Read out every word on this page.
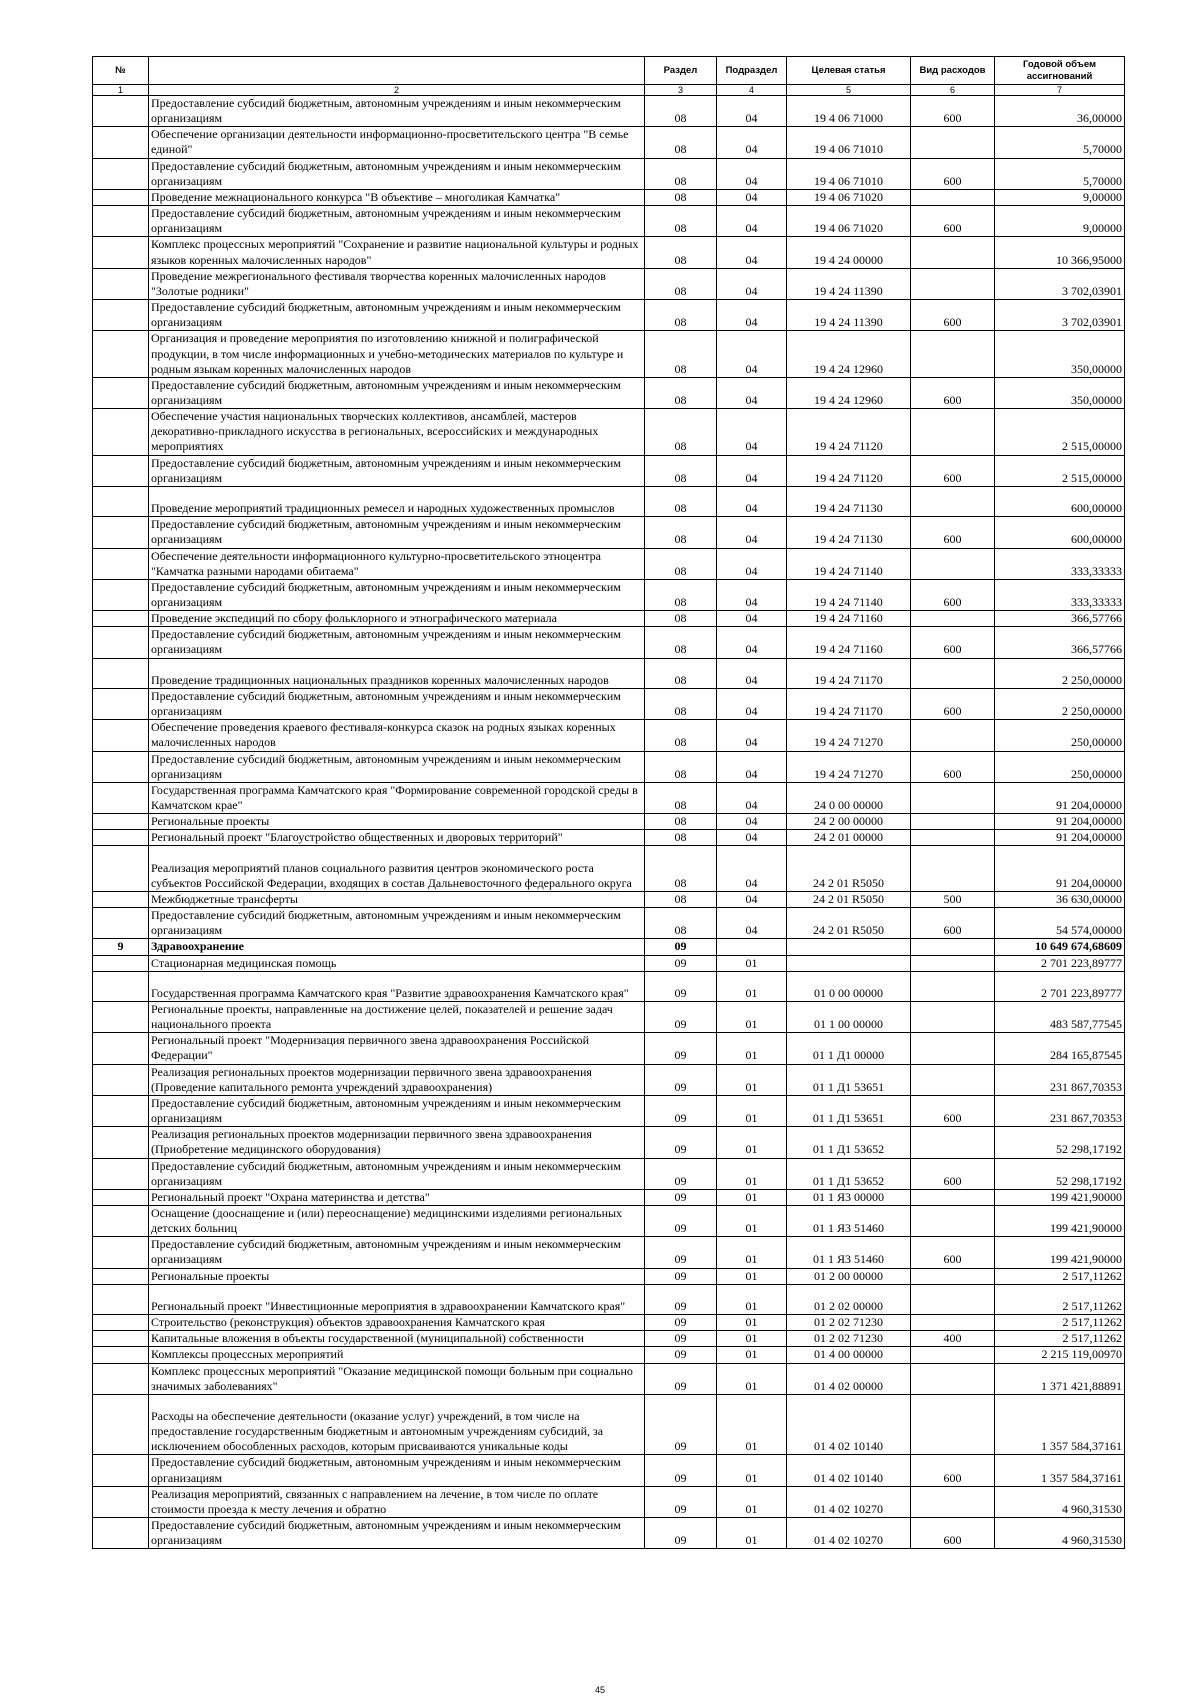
№		Раздел	Подраздел	Целевая статья	Вид расходов	Годовой объем ассигнований
1	2	3	4	5	6	7
	Предоставление субсидий бюджетным, автономным учреждениям и иным некоммерческим организациям	08	04	19 4 06 71000	600	36,00000
	Обеспечение организации деятельности информационно-просветительского центра "В семье единой"	08	04	19 4 06 71010		5,70000
	Предоставление субсидий бюджетным, автономным учреждениям и иным некоммерческим организациям	08	04	19 4 06 71010	600	5,70000
	Проведение межнационального конкурса "В объективе – многоликая Камчатка"	08	04	19 4 06 71020		9,00000
	Предоставление субсидий бюджетным, автономным учреждениям и иным некоммерческим организациям	08	04	19 4 06 71020	600	9,00000
	Комплекс процессных мероприятий "Сохранение и развитие национальной культуры и родных языков коренных малочисленных народов"	08	04	19 4 24 00000		10 366,95000
	Проведение межрегионального фестиваля творчества коренных малочисленных народов "Золотые родники"	08	04	19 4 24 11390		3 702,03901
	Предоставление субсидий бюджетным, автономным учреждениям и иным некоммерческим организациям	08	04	19 4 24 11390	600	3 702,03901
	Организация и проведение мероприятия по изготовлению книжной и полиграфической продукции, в том числе информационных и учебно-методических материалов по культуре и родным языкам коренных малочисленных народов	08	04	19 4 24 12960		350,00000
	Предоставление субсидий бюджетным, автономным учреждениям и иным некоммерческим организациям	08	04	19 4 24 12960	600	350,00000
	Обеспечение участия национальных творческих коллективов, ансамблей, мастеров декоративно-прикладного искусства в региональных, всероссийских и международных мероприятиях	08	04	19 4 24 71120		2 515,00000
	Предоставление субсидий бюджетным, автономным учреждениям и иным некоммерческим организациям	08	04	19 4 24 71120	600	2 515,00000
	Проведение мероприятий традиционных ремесел и народных художественных промыслов	08	04	19 4 24 71130		600,00000
	Предоставление субсидий бюджетным, автономным учреждениям и иным некоммерческим организациям	08	04	19 4 24 71130	600	600,00000
	Обеспечение деятельности информационного культурно-просветительского этноцентра "Камчатка разными народами обитаема"	08	04	19 4 24 71140		333,33333
	Предоставление субсидий бюджетным, автономным учреждениям и иным некоммерческим организациям	08	04	19 4 24 71140	600	333,33333
	Проведение экспедиций по сбору фольклорного и этнографического материала	08	04	19 4 24 71160		366,57766
	Предоставление субсидий бюджетным, автономным учреждениям и иным некоммерческим организациям	08	04	19 4 24 71160	600	366,57766
	Проведение традиционных национальных праздников коренных малочисленных народов	08	04	19 4 24 71170		2 250,00000
	Предоставление субсидий бюджетным, автономным учреждениям и иным некоммерческим организациям	08	04	19 4 24 71170	600	2 250,00000
	Обеспечение проведения краевого фестиваля-конкурса сказок на родных языках коренных малочисленных народов	08	04	19 4 24 71270		250,00000
	Предоставление субсидий бюджетным, автономным учреждениям и иным некоммерческим организациям	08	04	19 4 24 71270	600	250,00000
	Государственная программа Камчатского края "Формирование современной городской среды в Камчатском крае"	08	04	24 0 00 00000		91 204,00000
	Региональные проекты	08	04	24 2 00 00000		91 204,00000
	Региональный проект "Благоустройство общественных и дворовых территорий"	08	04	24 2 01 00000		91 204,00000
	Реализация мероприятий планов социального развития центров экономического роста субъектов Российской Федерации, входящих в состав Дальневосточного федерального округа	08	04	24 2 01 R5050		91 204,00000
	Межбюджетные трансферты	08	04	24 2 01 R5050	500	36 630,00000
	Предоставление субсидий бюджетным, автономным учреждениям и иным некоммерческим организациям	08	04	24 2 01 R5050	600	54 574,00000
9	Здравоохранение	09				10 649 674,68609
	Стационарная медицинская помощь	09	01			2 701 223,89777
	Государственная программа Камчатского края "Развитие здравоохранения Камчатского края"	09	01	01 0 00 00000		2 701 223,89777
	Региональные проекты, направленные на достижение целей, показателей и решение задач национального проекта	09	01	01 1 00 00000		483 587,77545
	Региональный проект "Модернизация первичного звена здравоохранения Российской Федерации"	09	01	01 1 Д1 00000		284 165,87545
	Реализация региональных проектов модернизации первичного звена здравоохранения (Проведение капитального ремонта учреждений здравоохранения)	09	01	01 1 Д1 53651		231 867,70353
	Предоставление субсидий бюджетным, автономным учреждениям и иным некоммерческим организациям	09	01	01 1 Д1 53651	600	231 867,70353
	Реализация региональных проектов модернизации первичного звена здравоохранения (Приобретение медицинского оборудования)	09	01	01 1 Д1 53652		52 298,17192
	Предоставление субсидий бюджетным, автономным учреждениям и иным некоммерческим организациям	09	01	01 1 Д1 53652	600	52 298,17192
	Региональный проект "Охрана материнства и детства"	09	01	01 1 Я3 00000		199 421,90000
	Оснащение (дооснащение и (или) переоснащение) медицинскими изделиями региональных детских больниц	09	01	01 1 Я3 51460		199 421,90000
	Предоставление субсидий бюджетным, автономным учреждениям и иным некоммерческим организациям	09	01	01 1 Я3 51460	600	199 421,90000
	Региональные проекты	09	01	01 2 00 00000		2 517,11262
	Региональный проект "Инвестиционные мероприятия в здравоохранении Камчатского края"	09	01	01 2 02 00000		2 517,11262
	Строительство (реконструкция) объектов здравоохранения Камчатского края	09	01	01 2 02 71230		2 517,11262
	Капитальные вложения в объекты государственной (муниципальной) собственности	09	01	01 2 02 71230	400	2 517,11262
	Комплексы процессных мероприятий	09	01	01 4 00 00000		2 215 119,00970
	Комплекс процессных мероприятий "Оказание медицинской помощи больным при социально значимых заболеваниях"	09	01	01 4 02 00000		1 371 421,88891
	Расходы на обеспечение деятельности (оказание услуг) учреждений, в том числе на предоставление государственным бюджетным и автономным учреждениям субсидий, за исключением обособленных расходов, которым присваиваются уникальные коды	09	01	01 4 02 10140		1 357 584,37161
	Предоставление субсидий бюджетным, автономным учреждениям и иным некоммерческим организациям	09	01	01 4 02 10140	600	1 357 584,37161
	Реализация мероприятий, связанных с направлением на лечение, в том числе по оплате стоимости проезда к месту лечения и обратно	09	01	01 4 02 10270		4 960,31530
	Предоставление субсидий бюджетным, автономным учреждениям и иным некоммерческим организациям	09	01	01 4 02 10270	600	4 960,31530
45
